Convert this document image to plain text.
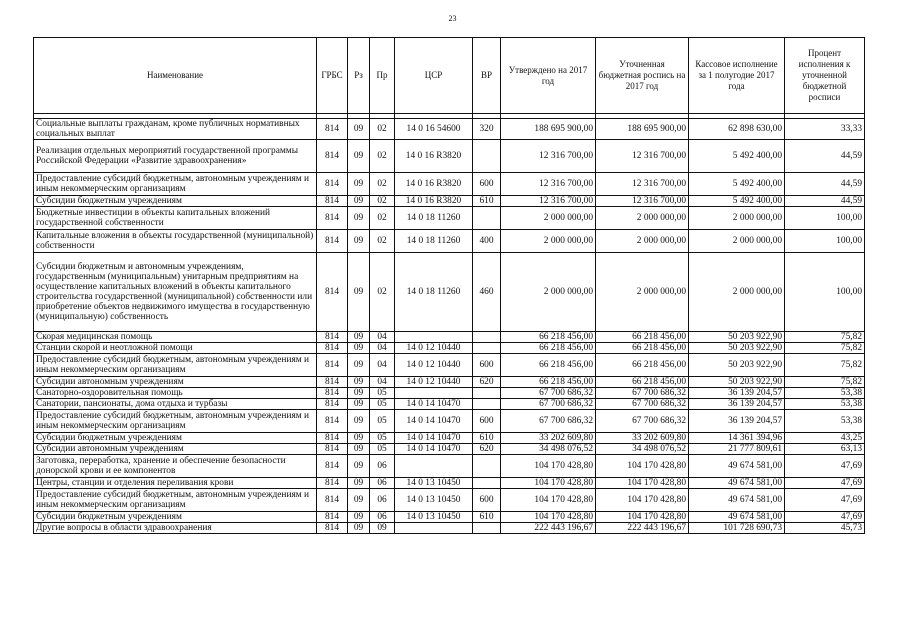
23
Наименование	ГРБС	Рз	Пр	ЦСР	ВР	Утверждено на 2017 год	Уточненная бюджетная роспись на 2017 год	Кассовое исполнение за 1 полугодие 2017 года	Процент исполнения к уточненной бюджетной росписи

Социальные выплаты гражданам, кроме публичных нормативных социальных выплат	814	09	02	14 0 16 54600	320	188 695 900,00	188 695 900,00	62 898 630,00	33,33
Реализация отдельных мероприятий государственной программы Российской Федерации «Развитие здравоохранения»	814	09	02	14 0 16 R3820		12 316 700,00	12 316 700,00	5 492 400,00	44,59
Предоставление субсидий бюджетным, автономным учреждениям и иным некоммерческим организациям	814	09	02	14 0 16 R3820	600	12 316 700,00	12 316 700,00	5 492 400,00	44,59
Субсидии бюджетным учреждениям	814	09	02	14 0 16 R3820	610	12 316 700,00	12 316 700,00	5 492 400,00	44,59
Бюджетные инвестиции в объекты капитальных вложений государственной собственности	814	09	02	14 0 18 11260		2 000 000,00	2 000 000,00	2 000 000,00	100,00
Капитальные вложения в объекты государственной (муниципальной) собственности	814	09	02	14 0 18 11260	400	2 000 000,00	2 000 000,00	2 000 000,00	100,00
Субсидии бюджетным и автономным учреждениям, государственным (муниципальным) унитарным предприятиям на осуществление капитальных вложений в объекты капитального строительства государственной (муниципальной) собственности или приобретение объектов недвижимого имущества в государственную (муниципальную) собственность	814	09	02	14 0 18 11260	460	2 000 000,00	2 000 000,00	2 000 000,00	100,00
Скорая медицинская помощь	814	09	04			66 218 456,00	66 218 456,00	50 203 922,90	75,82
Станции скорой и неотложной помощи	814	09	04	14 0 12 10440		66 218 456,00	66 218 456,00	50 203 922,90	75,82
Предоставление субсидий бюджетным, автономным учреждениям и иным некоммерческим организациям	814	09	04	14 0 12 10440	600	66 218 456,00	66 218 456,00	50 203 922,90	75,82
Субсидии автономным учреждениям	814	09	04	14 0 12 10440	620	66 218 456,00	66 218 456,00	50 203 922,90	75,82
Санаторно-оздоровительная помощь	814	09	05			67 700 686,32	67 700 686,32	36 139 204,57	53,38
Санатории, пансионаты, дома отдыха и турбазы	814	09	05	14 0 14 10470		67 700 686,32	67 700 686,32	36 139 204,57	53,38
Предоставление субсидий бюджетным, автономным учреждениям и иным некоммерческим организациям	814	09	05	14 0 14 10470	600	67 700 686,32	67 700 686,32	36 139 204,57	53,38
Субсидии бюджетным учреждениям	814	09	05	14 0 14 10470	610	33 202 609,80	33 202 609,80	14 361 394,96	43,25
Субсидии автономным учреждениям	814	09	05	14 0 14 10470	620	34 498 076,52	34 498 076,52	21 777 809,61	63,13
Заготовка, переработка, хранение и обеспечение безопасности донорской крови и ее компонентов	814	09	06			104 170 428,80	104 170 428,80	49 674 581,00	47,69
Центры, станции и отделения переливания крови	814	09	06	14 0 13 10450		104 170 428,80	104 170 428,80	49 674 581,00	47,69
Предоставление субсидий бюджетным, автономным учреждениям и иным некоммерческим организациям	814	09	06	14 0 13 10450	600	104 170 428,80	104 170 428,80	49 674 581,00	47,69
Субсидии бюджетным учреждениям	814	09	06	14 0 13 10450	610	104 170 428,80	104 170 428,80	49 674 581,00	47,69
Другие вопросы в области здравоохранения	814	09	09			222 443 196,67	222 443 196,67	101 728 690,73	45,73
